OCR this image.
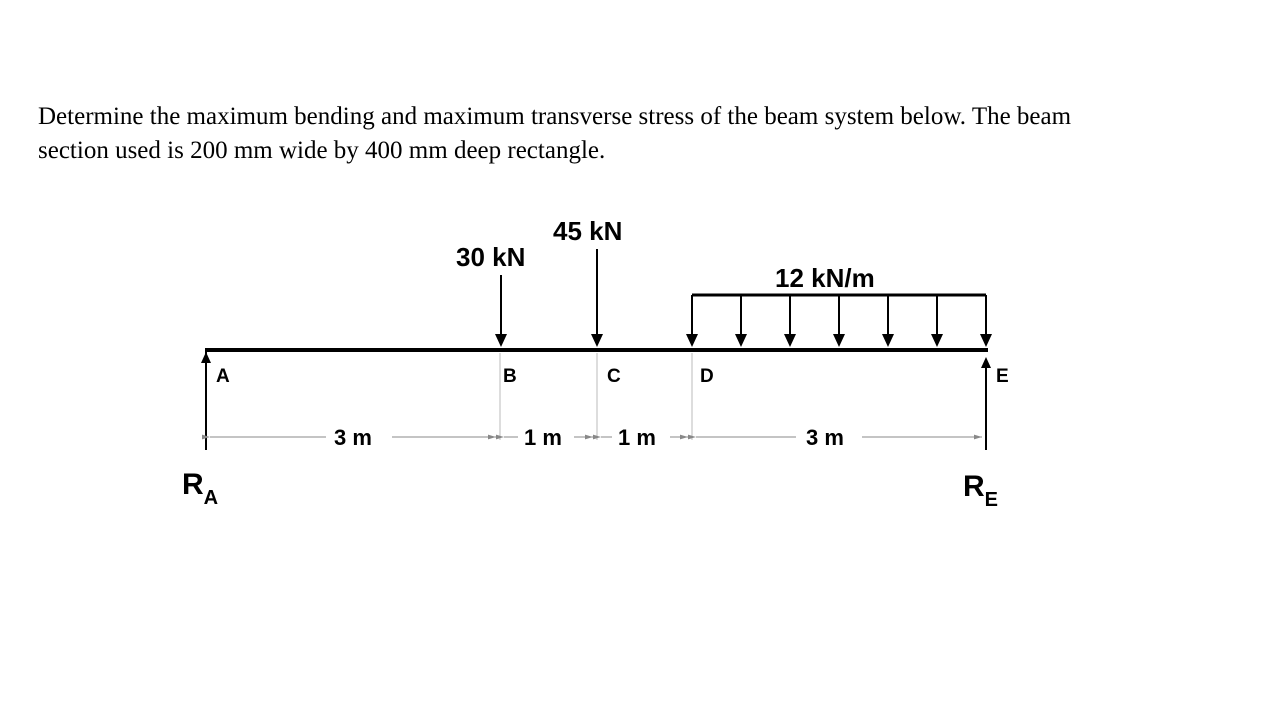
Determine the maximum bending and maximum transverse stress of the beam system below. The beam
section used is 200 mm wide by 400 mm deep rectangle.
30 kN
45 kN
12 kN/m
A	B	C	D	E
3 m	1 m	1 m	3 m
$R_A$	$R_E$
